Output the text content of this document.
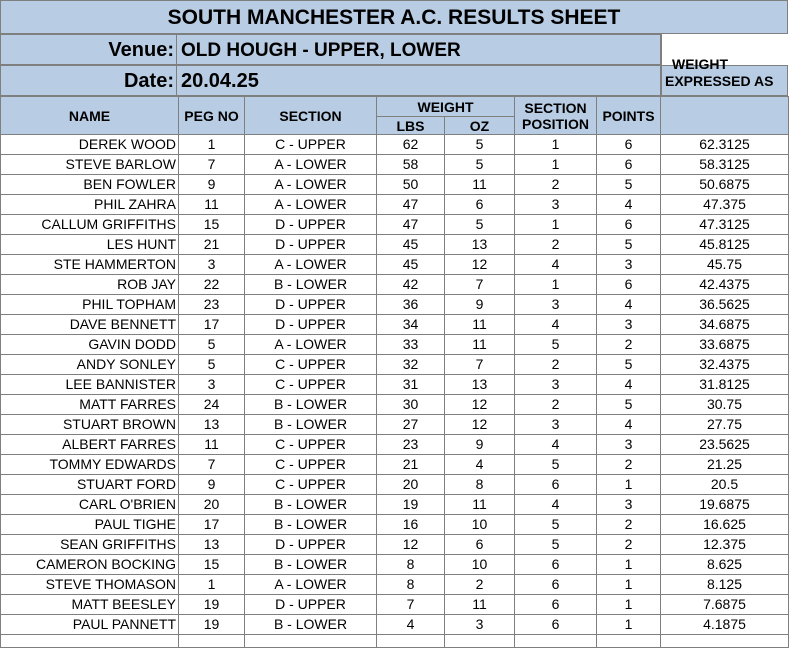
SOUTH MANCHESTER A.C. RESULTS SHEET
Venue: OLD HOUGH - UPPER, LOWER
Date: 20.04.25
WEIGHT
EXPRESSED AS
NAME	PEG NO	SECTION	WEIGHT		SECTION POSITION	POINTS	
			LBS	OZ			
DEREK WOOD	1	C - UPPER	62	5	1	6	62.3125
STEVE BARLOW	7	A - LOWER	58	5	1	6	58.3125
BEN FOWLER	9	A - LOWER	50	11	2	5	50.6875
PHIL ZAHRA	11	A - LOWER	47	6	3	4	47.375
CALLUM GRIFFITHS	15	D - UPPER	47	5	1	6	47.3125
LES HUNT	21	D - UPPER	45	13	2	5	45.8125
STE HAMMERTON	3	A - LOWER	45	12	4	3	45.75
ROB JAY	22	B - LOWER	42	7	1	6	42.4375
PHIL TOPHAM	23	D - UPPER	36	9	3	4	36.5625
DAVE BENNETT	17	D - UPPER	34	11	4	3	34.6875
GAVIN DODD	5	A - LOWER	33	11	5	2	33.6875
ANDY SONLEY	5	C - UPPER	32	7	2	5	32.4375
LEE BANNISTER	3	C - UPPER	31	13	3	4	31.8125
MATT FARRES	24	B - LOWER	30	12	2	5	30.75
STUART BROWN	13	B - LOWER	27	12	3	4	27.75
ALBERT FARRES	11	C - UPPER	23	9	4	3	23.5625
TOMMY EDWARDS	7	C - UPPER	21	4	5	2	21.25
STUART FORD	9	C - UPPER	20	8	6	1	20.5
CARL O'BRIEN	20	B - LOWER	19	11	4	3	19.6875
PAUL TIGHE	17	B - LOWER	16	10	5	2	16.625
SEAN GRIFFITHS	13	D - UPPER	12	6	5	2	12.375
CAMERON BOCKING	15	B - LOWER	8	10	6	1	8.625
STEVE THOMASON	1	A - LOWER	8	2	6	1	8.125
MATT BEESLEY	19	D - UPPER	7	11	6	1	7.6875
PAUL PANNETT	19	B - LOWER	4	3	6	1	4.1875
